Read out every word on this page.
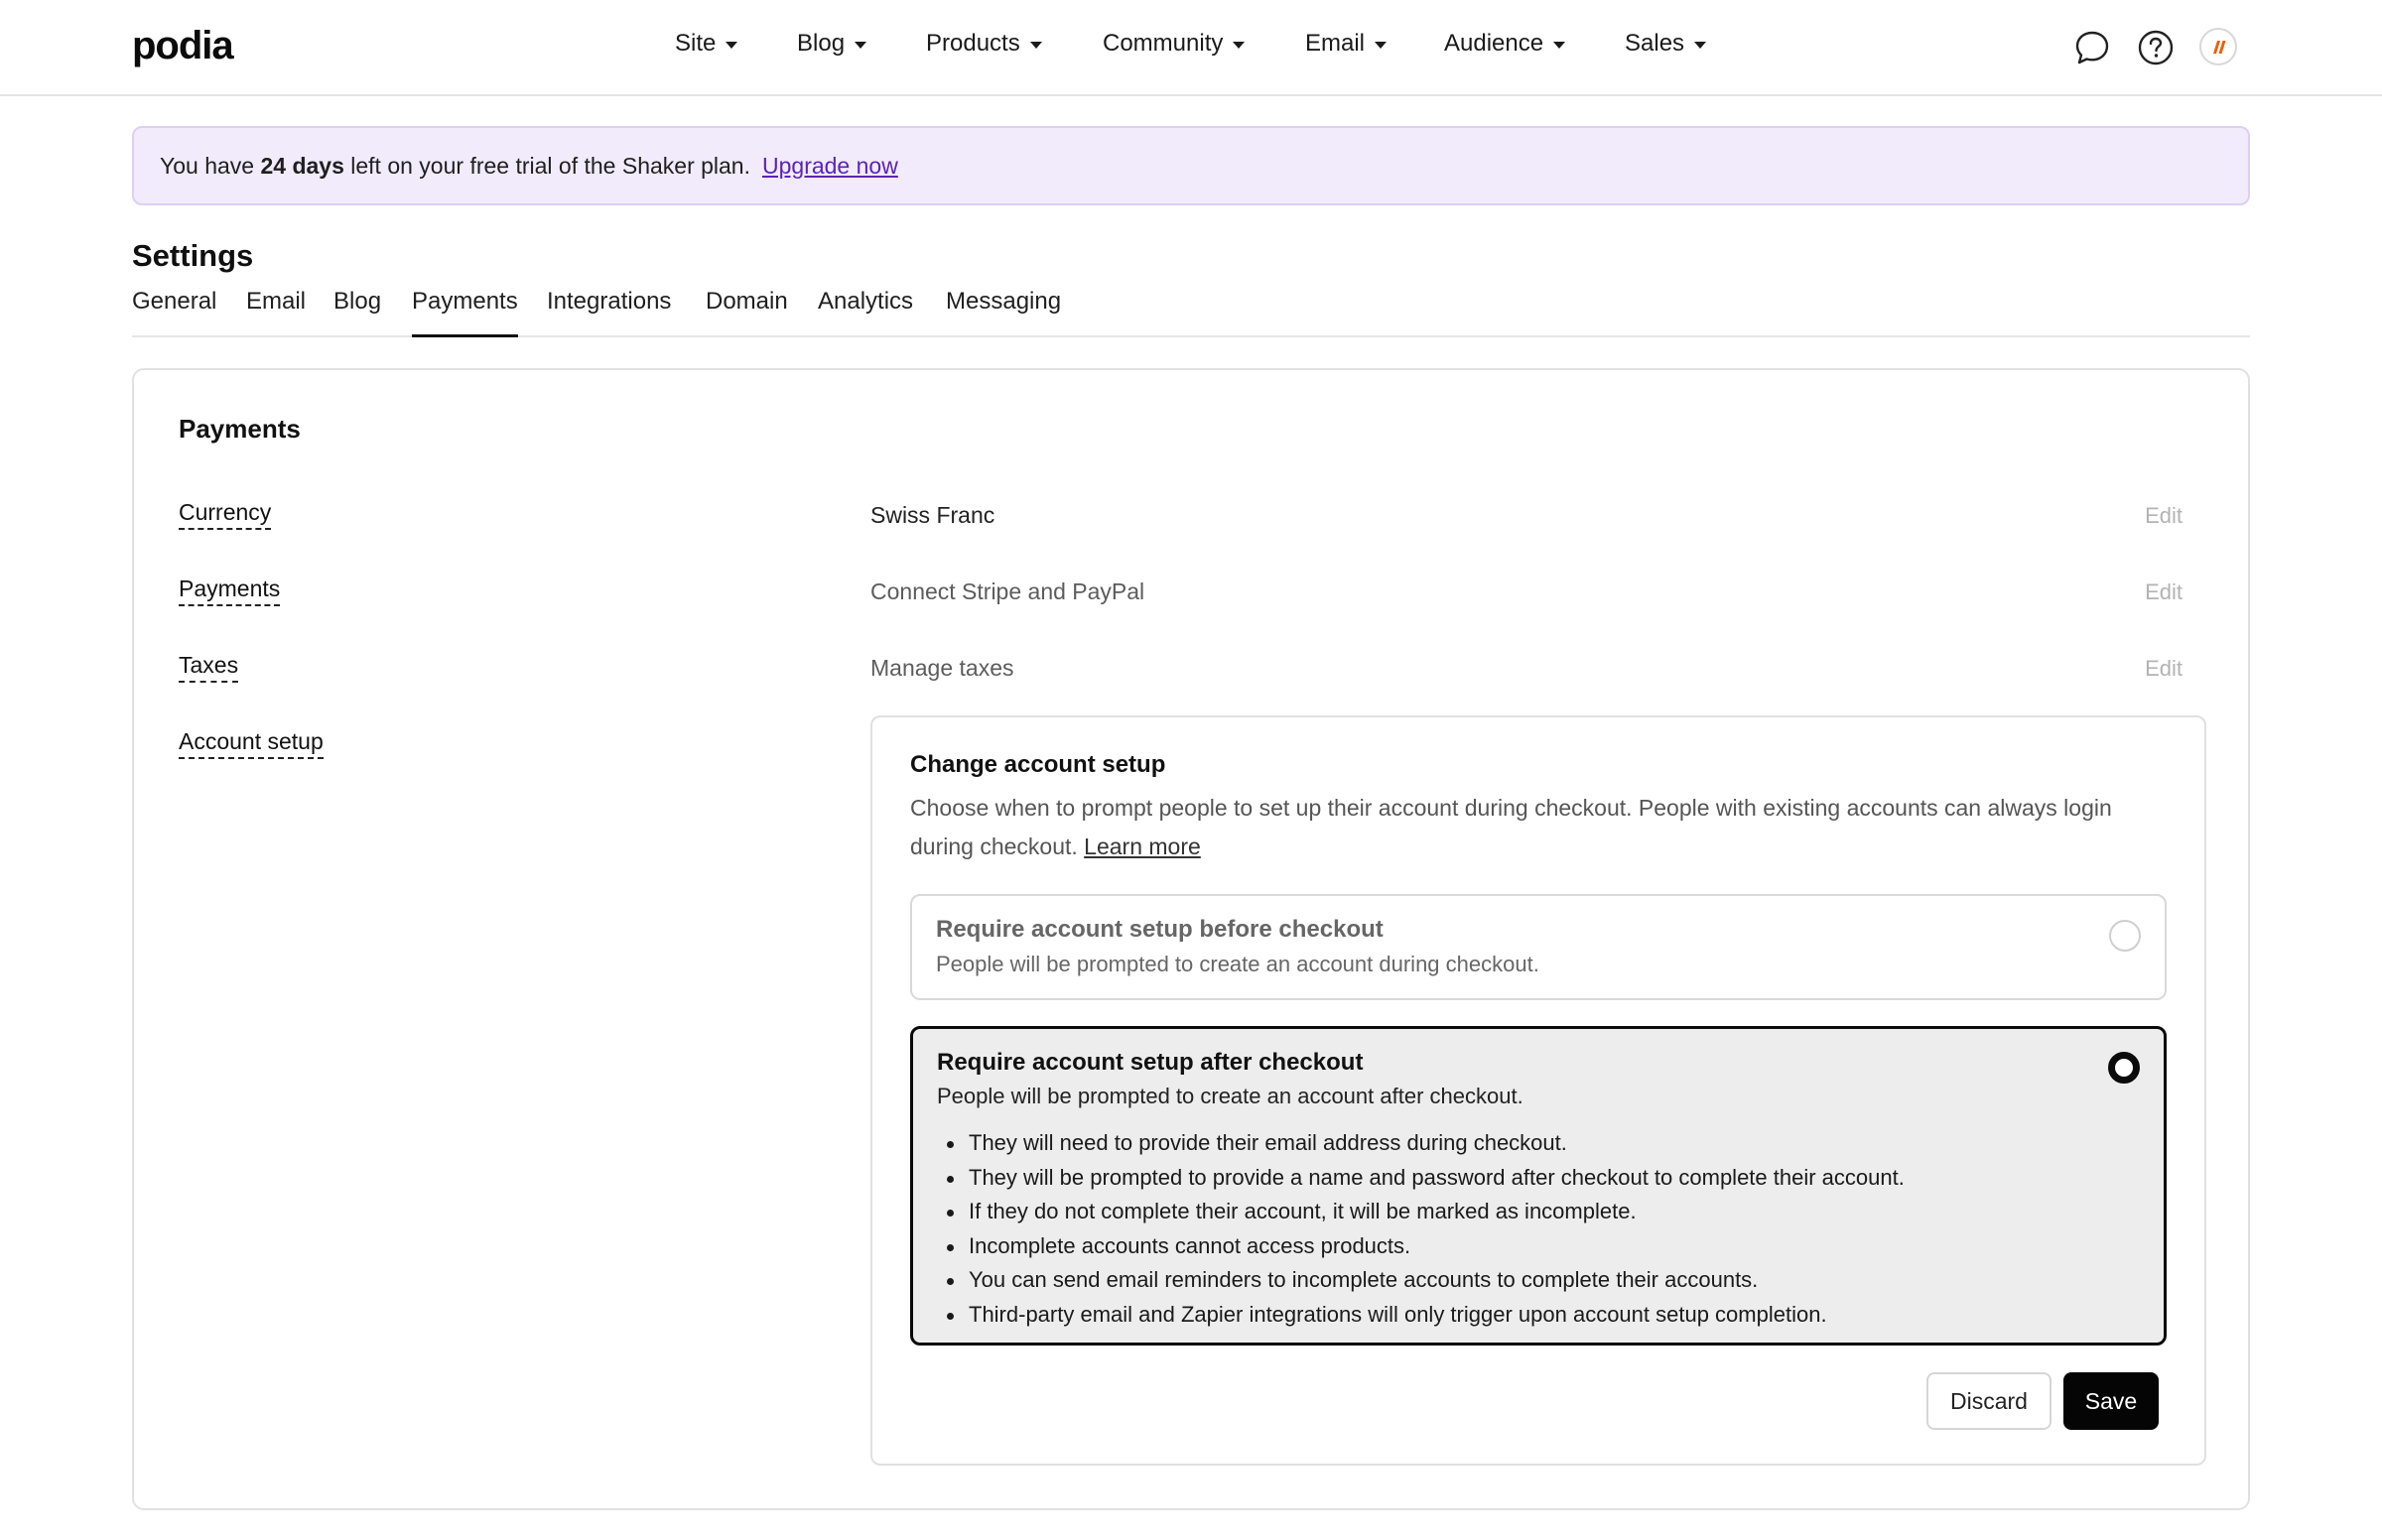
podia	Site	Blog	Products	Community	Email	Audience	Sales
You have
24 days
left on your free trial of the Shaker plan. Upgrade now
Settings
General Email Blog Payments Integrations Domain Analytics Messaging
Payments
Currency	Swiss Franc	Edit
Payments	Connect Stripe and PayPal	Edit
Taxes	Manage taxes	Edit
Account setup
Change account setup

Choose when to prompt people to set up their account during checkout. People with existing accounts can always login during checkout. Learn more

Require account setup before checkout
People will be prompted to create an account during checkout.
Require account setup after checkout
People will be prompted to create an account after checkout.
They will need to provide their email address during checkout.
They will be prompted to provide a name and password after checkout to complete their account.
If they do not complete their account, it will be marked as incomplete.
Incomplete accounts cannot access products.
You can send email reminders to incomplete accounts to complete their accounts.
Third-party email and Zapier integrations will only trigger upon account setup completion.
Discard	Save
